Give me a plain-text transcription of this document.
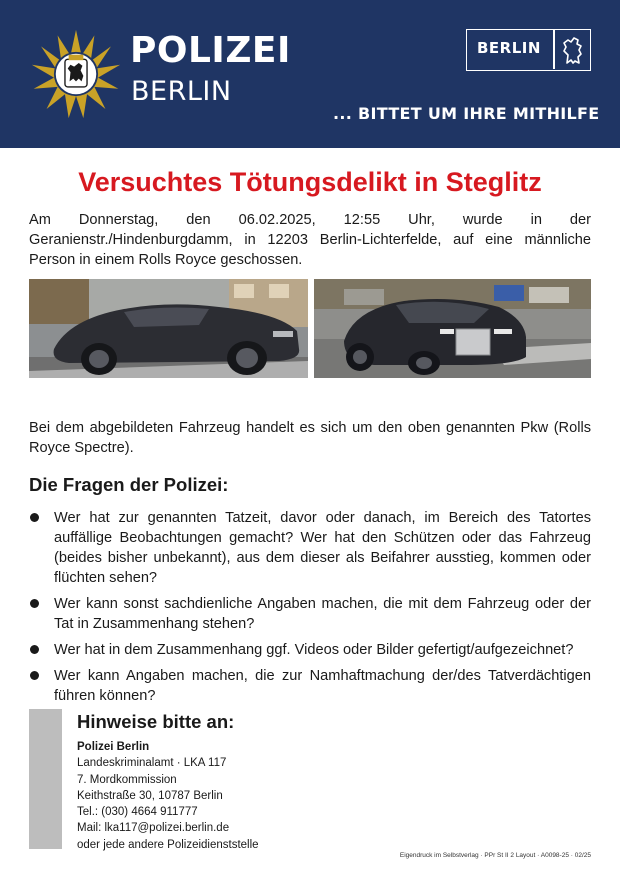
POLIZEI
BERLIN
BERLIN
... BITTET UM IHRE MITHILFE
Versuchtes Tötungsdelikt in Steglitz

Am Donnerstag, den 06.02.2025, 12:55 Uhr, wurde in der Geranienstr./Hindenburgdamm, in 12203 Berlin-Lichterfelde, auf eine männliche Person in einem Rolls Royce geschossen.

Bei dem abgebildeten Fahrzeug handelt es sich um den oben genannten Pkw (Rolls Royce Spectre).

Die Fragen der Polizei:
Wer hat zur genannten Tatzeit, davor oder danach, im Bereich des Tatortes auffällige Beobachtungen gemacht? Wer hat den Schützen oder das Fahrzeug (beides bisher unbekannt), aus dem dieser als Beifahrer ausstieg, kommen oder flüchten sehen?
Wer kann sonst sachdienliche Angaben machen, die mit dem Fahrzeug oder der Tat in Zusammenhang stehen?
Wer hat in dem Zusammenhang ggf. Videos oder Bilder gefertigt/aufgezeichnet?
Wer kann Angaben machen, die zur Namhaftmachung der/des Tatverdächtigen führen können?
Hinweise bitte an:
Polizei Berlin
Landeskriminalamt · LKA 117
7. Mordkommission
Keithstraße 30, 10787 Berlin
Tel.: (030) 4664 911777
Mail: lka117@polizei.berlin.de
oder jede andere Polizeidienststelle
Eigendruck im Selbstverlag · PPr St II 2 Layout · A0098-25 · 02/25
